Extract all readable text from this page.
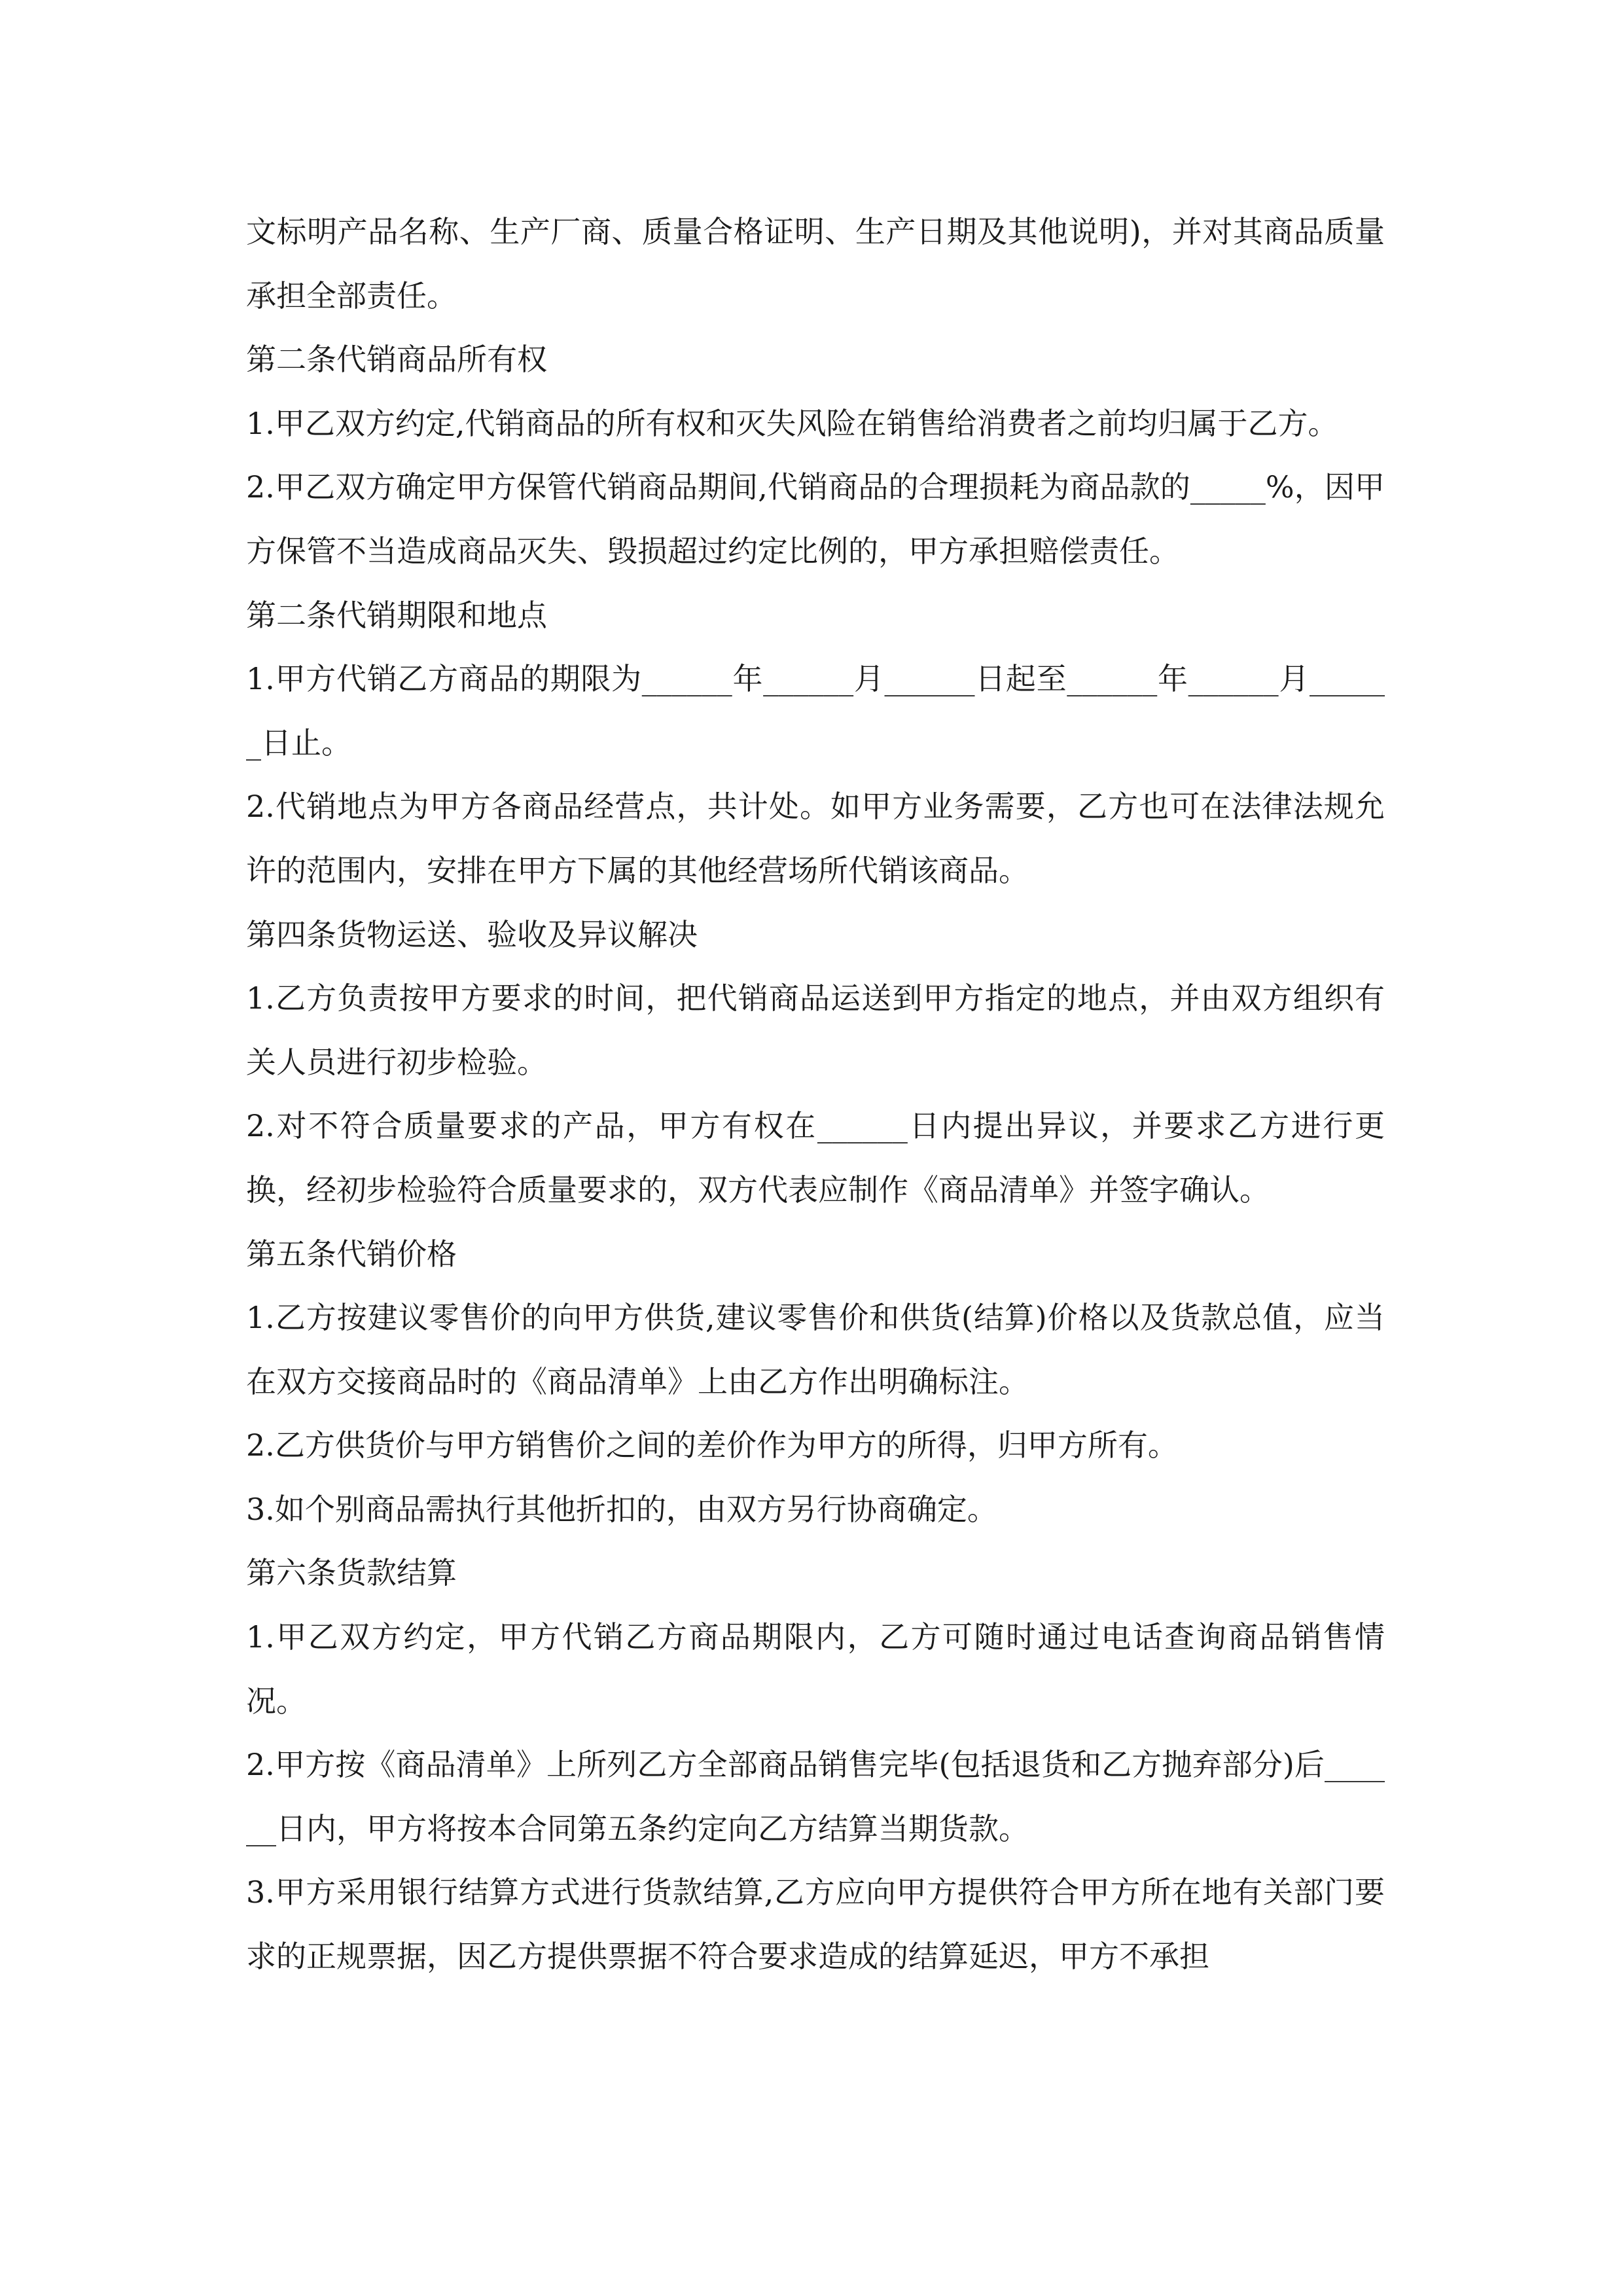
文标明产品名称、生产厂商、质量合格证明、生产日期及其他说明)，并对其商品质量承担全部责任。

第二条代销商品所有权

1.甲乙双方约定,代销商品的所有权和灭失风险在销售给消费者之前均归属于乙方。

2.甲乙双方确定甲方保管代销商品期间,代销商品的合理损耗为商品款的_____%，因甲方保管不当造成商品灭失、毁损超过约定比例的，甲方承担赔偿责任。

第二条代销期限和地点

1.甲方代销乙方商品的期限为______年______月______日起至______年______月______日止。

2.代销地点为甲方各商品经营点，共计处。如甲方业务需要，乙方也可在法律法规允许的范围内，安排在甲方下属的其他经营场所代销该商品。

第四条货物运送、验收及异议解决

1.乙方负责按甲方要求的时间，把代销商品运送到甲方指定的地点，并由双方组织有关人员进行初步检验。

2.对不符合质量要求的产品，甲方有权在______日内提出异议，并要求乙方进行更换，经初步检验符合质量要求的，双方代表应制作《商品清单》并签字确认。

第五条代销价格

1.乙方按建议零售价的向甲方供货,建议零售价和供货(结算)价格以及货款总值，应当在双方交接商品时的《商品清单》上由乙方作出明确标注。

2.乙方供货价与甲方销售价之间的差价作为甲方的所得，归甲方所有。

3.如个别商品需执行其他折扣的，由双方另行协商确定。

第六条货款结算

1.甲乙双方约定，甲方代销乙方商品期限内，乙方可随时通过电话查询商品销售情况。

2.甲方按《商品清单》上所列乙方全部商品销售完毕(包括退货和乙方抛弃部分)后______日内，甲方将按本合同第五条约定向乙方结算当期货款。

3.甲方采用银行结算方式进行货款结算,乙方应向甲方提供符合甲方所在地有关部门要求的正规票据，因乙方提供票据不符合要求造成的结算延迟，甲方不承担
